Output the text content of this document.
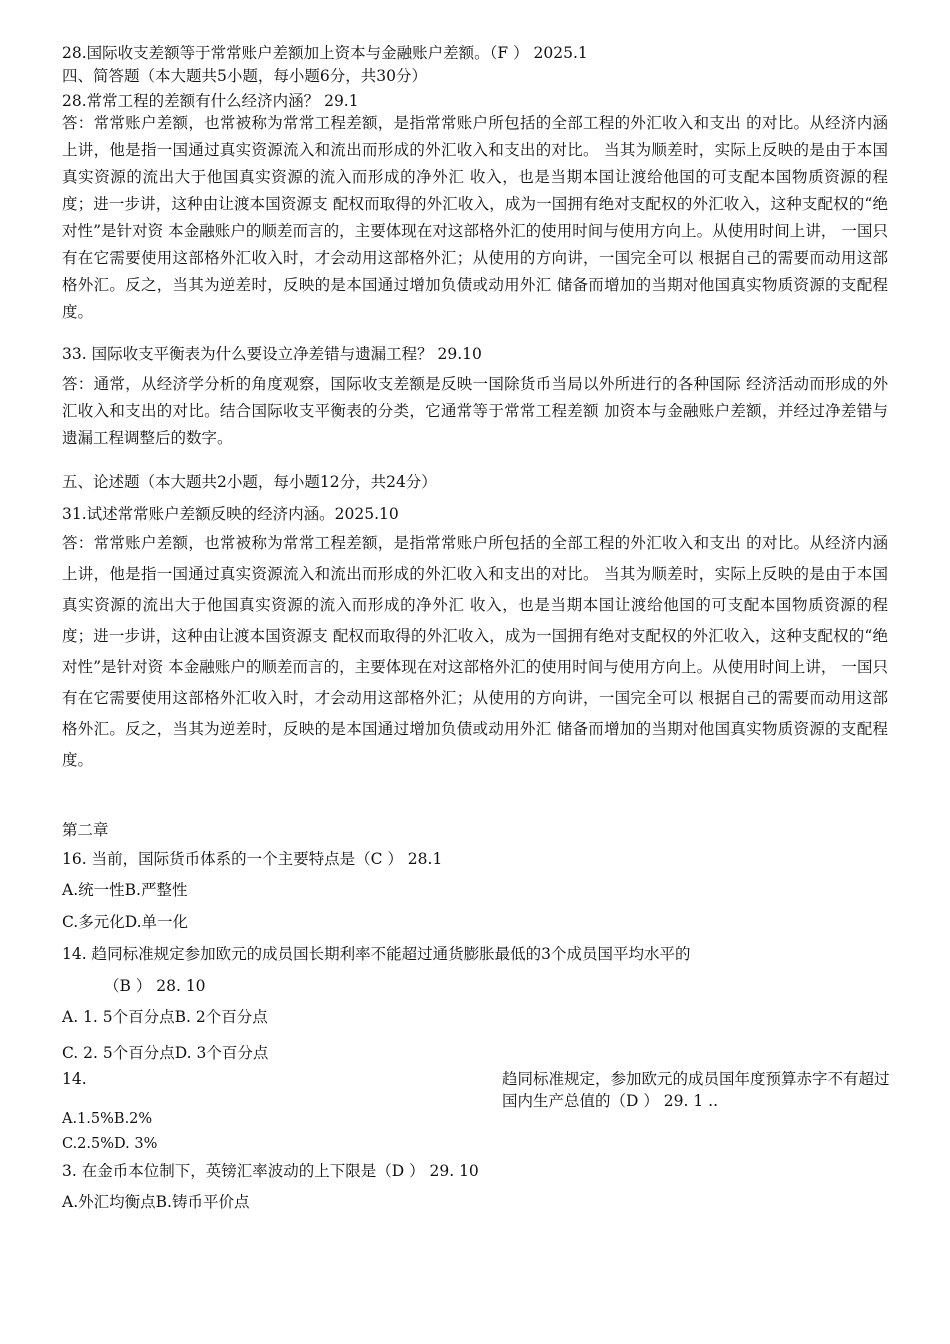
28.国际收支差额等于常常账户差额加上资本与金融账户差额。（F ） 2025.1
四、简答题（本大题共5小题，每小题6分，共30分）
28.常常工程的差额有什么经济内涵？ 29.1
答：常常账户差额，也常被称为常常工程差额，是指常常账户所包括的全部工程的外汇收入和支出 的对比。从经济内涵上讲，他是指一国通过真实资源流入和流出而形成的外汇收入和支出的对比。 当其为顺差时，实际上反映的是由于本国真实资源的流出大于他国真实资源的流入而形成的净外汇 收入，也是当期本国让渡给他国的可支配本国物质资源的程度；进一步讲，这种由让渡本国资源支 配权而取得的外汇收入，成为一国拥有绝对支配权的外汇收入，这种支配权的“绝对性”是针对资 本金融账户的顺差而言的，主要体现在对这部格外汇的使用时间与使用方向上。从使用时间上讲， 一国只有在它需要使用这部格外汇收入时，才会动用这部格外汇；从使用的方向讲，一国完全可以 根据自己的需要而动用这部格外汇。反之，当其为逆差时，反映的是本国通过增加负债或动用外汇 储备而增加的当期对他国真实物质资源的支配程度。
33. 国际收支平衡表为什么要设立净差错与遗漏工程？ 29.10
答：通常，从经济学分析的角度观察，国际收支差额是反映一国除货币当局以外所进行的各种国际 经济活动而形成的外汇收入和支出的对比。结合国际收支平衡表的分类，它通常等于常常工程差额 加资本与金融账户差额，并经过净差错与遗漏工程调整后的数字。
五、论述题（本大题共2小题，每小题12分，共24分）
31.试述常常账户差额反映的经济内涵。2025.10
答：常常账户差额，也常被称为常常工程差额，是指常常账户所包括的全部工程的外汇收入和支出 的对比。从经济内涵上讲，他是指一国通过真实资源流入和流出而形成的外汇收入和支出的对比。 当其为顺差时，实际上反映的是由于本国真实资源的流出大于他国真实资源的流入而形成的净外汇 收入，也是当期本国让渡给他国的可支配本国物质资源的程度；进一步讲，这种由让渡本国资源支 配权而取得的外汇收入，成为一国拥有绝对支配权的外汇收入，这种支配权的“绝对性”是针对资 本金融账户的顺差而言的，主要体现在对这部格外汇的使用时间与使用方向上。从使用时间上讲， 一国只有在它需要使用这部格外汇收入时，才会动用这部格外汇；从使用的方向讲，一国完全可以 根据自己的需要而动用这部格外汇。反之，当其为逆差时，反映的是本国通过增加负债或动用外汇 储备而增加的当期对他国真实物质资源的支配程度。
第二章
16. 当前，国际货币体系的一个主要特点是（C ） 28.1
A.统一性B.严整性
C.多元化D.单一化
14. 趋同标准规定参加欧元的成员国长期利率不能超过通货膨胀最低的3个成员国平均水平的
（B ） 28. 10
A. 1. 5个百分点B. 2个百分点
C. 2. 5个百分点D. 3个百分点
14.	趋同标准规定，参加欧元的成员国年度预算赤字不有超过国内生产总值的（D ） 29. 1 ..
A.1.5%B.2%
C.2.5%D. 3%
3. 在金币本位制下，英镑汇率波动的上下限是（D ） 29. 10
A.外汇均衡点B.铸币平价点
